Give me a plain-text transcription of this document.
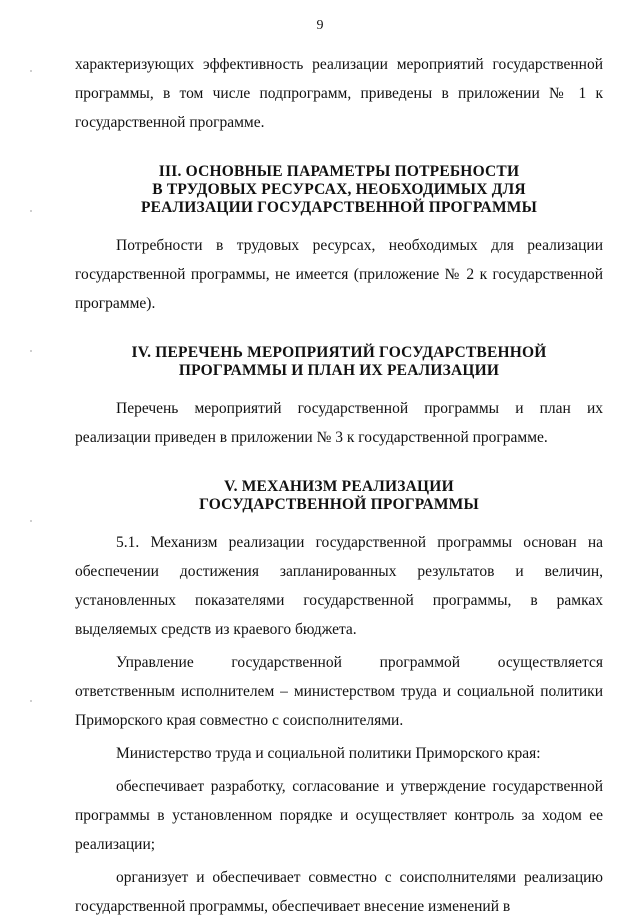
9

характеризующих эффективность реализации мероприятий государственной программы, в том числе подпрограмм, приведены в приложении № 1 к государственной программе.

III. ОСНОВНЫЕ ПАРАМЕТРЫ ПОТРЕБНОСТИ
В ТРУДОВЫХ РЕСУРСАХ, НЕОБХОДИМЫХ ДЛЯ
РЕАЛИЗАЦИИ ГОСУДАРСТВЕННОЙ ПРОГРАММЫ

Потребности в трудовых ресурсах, необходимых для реализации государственной программы, не имеется (приложение № 2 к государственной программе).

IV. ПЕРЕЧЕНЬ МЕРОПРИЯТИЙ ГОСУДАРСТВЕННОЙ
ПРОГРАММЫ И ПЛАН ИХ РЕАЛИЗАЦИИ

Перечень мероприятий государственной программы и план их реализации приведен в приложении № 3 к государственной программе.

V. МЕХАНИЗМ РЕАЛИЗАЦИИ
ГОСУДАРСТВЕННОЙ ПРОГРАММЫ

5.1. Механизм реализации государственной программы основан на обеспечении достижения запланированных результатов и величин, установленных показателями государственной программы, в рамках выделяемых средств из краевого бюджета.

Управление государственной программой осуществляется ответственным исполнителем – министерством труда и социальной политики Приморского края совместно с соисполнителями.

Министерство труда и социальной политики Приморского края:

обеспечивает разработку, согласование и утверждение государственной программы в установленном порядке и осуществляет контроль за ходом ее реализации;

организует и обеспечивает совместно с соисполнителями реализацию государственной программы, обеспечивает внесение изменений в
